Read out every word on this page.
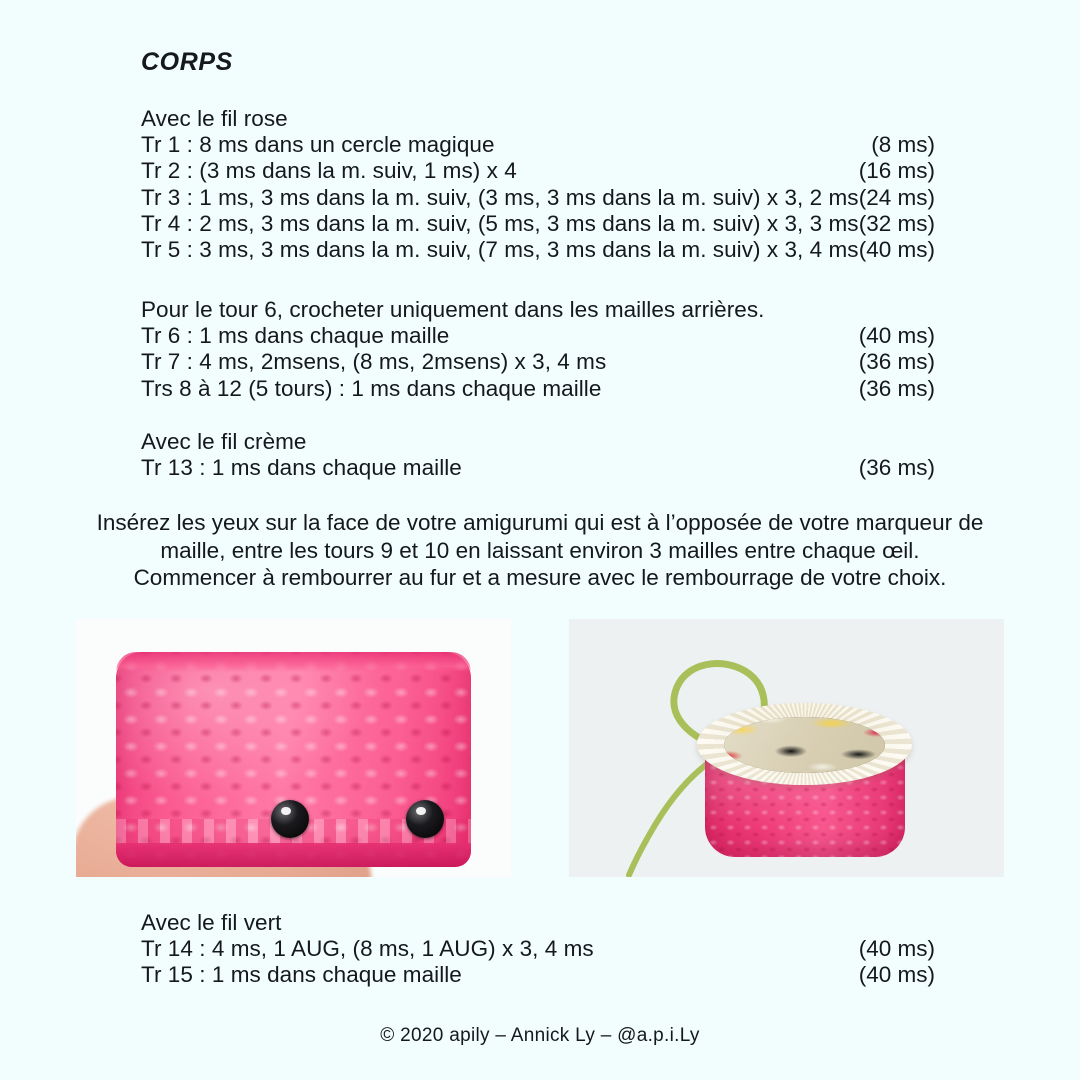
CORPS
Avec le fil rose
Tr 1 : 8 ms dans un cercle magique	(8 ms)
Tr 2 : (3 ms dans la m. suiv, 1 ms) x 4	(16 ms)
Tr 3 : 1 ms, 3 ms dans la m. suiv, (3 ms, 3 ms dans la m. suiv) x 3, 2 ms (24 ms)
Tr 4 : 2 ms, 3 ms dans la m. suiv, (5 ms, 3 ms dans la m. suiv) x 3, 3 ms (32 ms)
Tr 5 : 3 ms, 3 ms dans la m. suiv, (7 ms, 3 ms dans la m. suiv) x 3, 4 ms (40 ms)
Pour le tour 6, crocheter uniquement dans les mailles arrières.
Tr 6 : 1 ms dans chaque maille	(40 ms)
Tr 7 : 4 ms, 2msens, (8 ms, 2msens) x 3, 4 ms	(36 ms)
Trs 8 à 12 (5 tours) : 1 ms dans chaque maille	(36 ms)
Avec le fil crème
Tr 13 : 1 ms dans chaque maille	(36 ms)
Insérez les yeux sur la face de votre amigurumi qui est à l’opposée de votre marqueur de
maille, entre les tours 9 et 10 en laissant environ 3 mailles entre chaque œil.
Commencer à rembourrer au fur et a mesure avec le rembourrage de votre choix.
Avec le fil vert
Tr 14 : 4 ms, 1 AUG, (8 ms, 1 AUG) x 3, 4 ms	(40 ms)
Tr 15 : 1 ms dans chaque maille	(40 ms)
© 2020 apily – Annick Ly – @a.p.i.Ly
